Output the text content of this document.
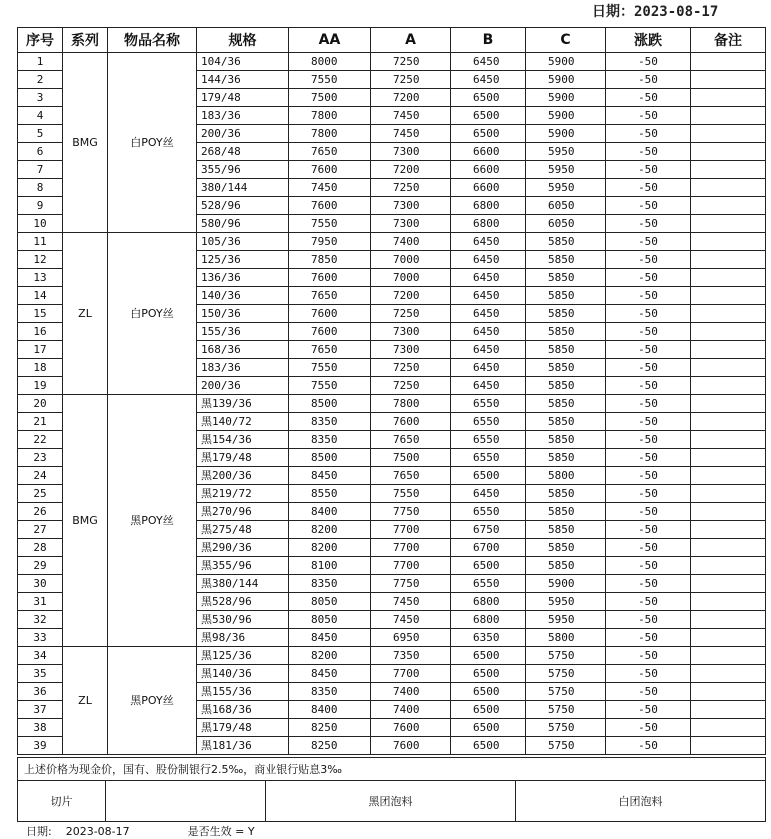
日期：2023-08-17
序号	系列	物品名称	规格	AA	A	B	C	涨跌	备注
1	BMG	白POY丝	104/36	8000	7250	6450	5900	-50	
2			144/36	7550	7250	6450	5900	-50	
3			179/48	7500	7200	6500	5900	-50	
4			183/36	7800	7450	6500	5900	-50	
5			200/36	7800	7450	6500	5900	-50	
6			268/48	7650	7300	6600	5950	-50	
7			355/96	7600	7200	6600	5950	-50	
8			380/144	7450	7250	6600	5950	-50	
9			528/96	7600	7300	6800	6050	-50	
10			580/96	7550	7300	6800	6050	-50	
11	ZL	白POY丝	105/36	7950	7400	6450	5850	-50	
12			125/36	7850	7000	6450	5850	-50	
13			136/36	7600	7000	6450	5850	-50	
14			140/36	7650	7200	6450	5850	-50	
15			150/36	7600	7250	6450	5850	-50	
16			155/36	7600	7300	6450	5850	-50	
17			168/36	7650	7300	6450	5850	-50	
18			183/36	7550	7250	6450	5850	-50	
19			200/36	7550	7250	6450	5850	-50	
20	BMG	黑POY丝	黑139/36	8500	7800	6550	5850	-50	
21			黑140/72	8350	7600	6550	5850	-50	
22			黑154/36	8350	7650	6550	5850	-50	
23			黑179/48	8500	7500	6550	5850	-50	
24			黑200/36	8450	7650	6500	5800	-50	
25			黑219/72	8550	7550	6450	5850	-50	
26			黑270/96	8400	7750	6550	5850	-50	
27			黑275/48	8200	7700	6750	5850	-50	
28			黑290/36	8200	7700	6700	5850	-50	
29			黑355/96	8100	7700	6500	5850	-50	
30			黑380/144	8350	7750	6550	5900	-50	
31			黑528/96	8050	7450	6800	5950	-50	
32			黑530/96	8050	7450	6800	5950	-50	
33			黑98/36	8450	6950	6350	5800	-50	
34	ZL	黑POY丝	黑125/36	8200	7350	6500	5750	-50	
35			黑140/36	8450	7700	6500	5750	-50	
36			黑155/36	8350	7400	6500	5750	-50	
37			黑168/36	8400	7400	6500	5750	-50	
38			黑179/48	8250	7600	6500	5750	-50	
39			黑181/36	8250	7600	6500	5750	-50	
上述价格为现金价，国有、股份制银行2.5‰，商业银行贴息3‰
切片		黑团泡料	白团泡料
日期: 2023-08-17	是否生效 = Y
